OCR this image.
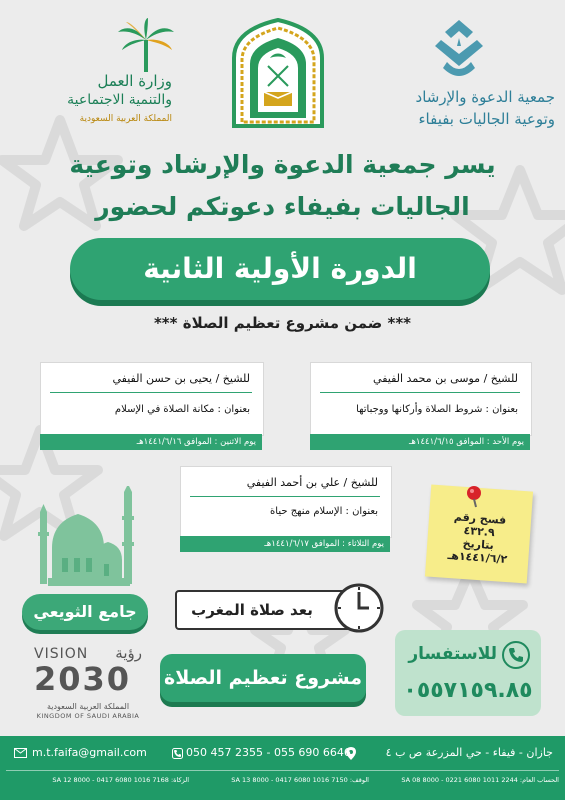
وزارة العمل
والتنمية الاجتماعية
المملكة العربية السعودية
جمعية الدعوة والإرشاد
وتوعية الجاليات بفيفاء
يسر جمعية الدعوة والإرشاد وتوعية
الجاليات بفيفاء دعوتكم لحضور
الدورة الأولية الثانية
*** ضمن مشروع تعظيم الصلاة ***
للشيخ / موسى بن محمد الفيفي
بعنوان : شروط الصلاة وأركانها ووجباتها
يوم الأحد : الموافق ١٤٤١/٦/١٥هـ
للشيخ / يحيى بن حسن الفيفي
بعنوان : مكانة الصلاة في الإسلام
يوم الاثنين : الموافق ١٤٤١/٦/١٦هـ
للشيخ / علي بن أحمد الفيفي
بعنوان : الإسلام منهج حياة
يوم الثلاثاء : الموافق ١٤٤١/٦/١٧هـ
فسح رقم
٤٣٢.٩
بتاريخ
١٤٤١/٦/٢هـ
جامع الثويعي	بعد صلاة المغرب
VISION رؤية
2030
المملكة العربية السعودية
KINGDOM OF SAUDI ARABIA
مشروع تعظيم الصلاة
للاستفسار
٠٥٥٧١٥٩.٨٥
جازان - فيفاء - حي المزرعة ص ب ٤
050 457 2355 - 055 690 6646
m.t.faifa@gmail.com
الحساب العام: SA 08 8000 - 0221 6080 1011 2244
الوقف: SA 13 8000 - 0417 6080 1016 7150
الزكاة: SA 12 8000 - 0417 6080 1016 7168
